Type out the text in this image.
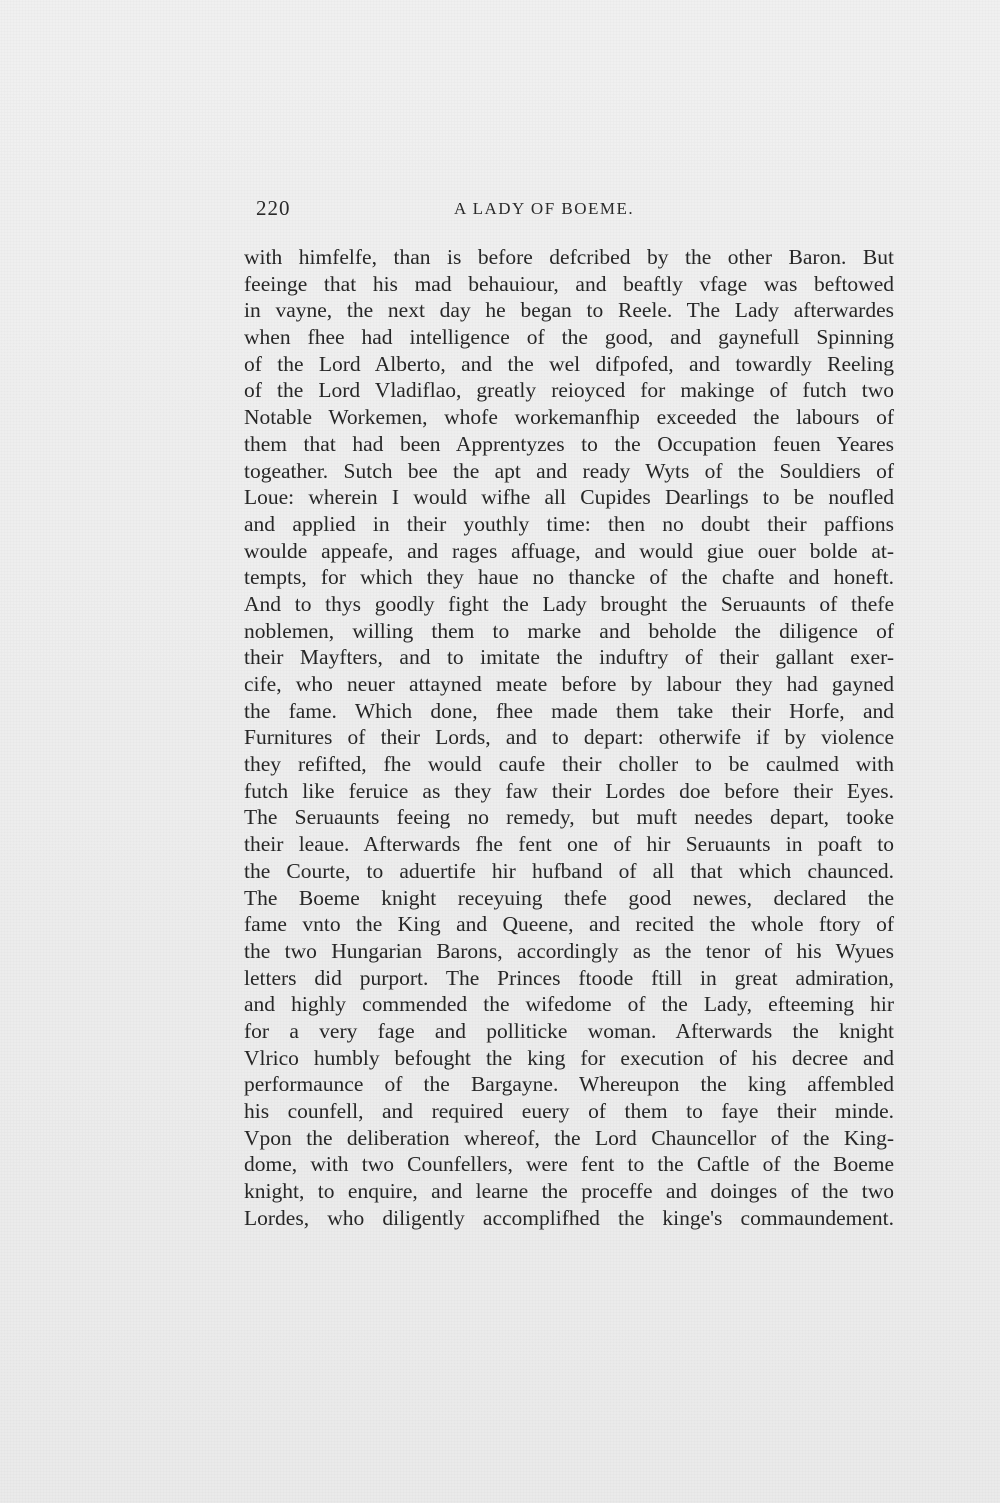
220	A LADY OF BOEME.
with himfelfe, than is before defcribed by the other Baron. But
feeinge that his mad behauiour, and beaftly vfage was beftowed
in vayne, the next day he began to Reele. The Lady afterwardes
when fhee had intelligence of the good, and gaynefull Spinning
of the Lord Alberto, and the wel difpofed, and towardly Reeling
of the Lord Vladiflao, greatly reioyced for makinge of futch two
Notable Workemen, whofe workemanfhip exceeded the labours of
them that had been Apprentyzes to the Occupation feuen Yeares
togeather. Sutch bee the apt and ready Wyts of the Souldiers of
Loue: wherein I would wifhe all Cupides Dearlings to be noufled
and applied in their youthly time: then no doubt their paffions
woulde appeafe, and rages affuage, and would giue ouer bolde at-
tempts, for which they haue no thancke of the chafte and honeft.
And to thys goodly fight the Lady brought the Seruaunts of thefe
noblemen, willing them to marke and beholde the diligence of
their Mayfters, and to imitate the induftry of their gallant exer-
cife, who neuer attayned meate before by labour they had gayned
the fame. Which done, fhee made them take their Horfe, and
Furnitures of their Lords, and to depart: otherwife if by violence
they refifted, fhe would caufe their choller to be caulmed with
futch like feruice as they faw their Lordes doe before their Eyes.
The Seruaunts feeing no remedy, but muft needes depart, tooke
their leaue. Afterwards fhe fent one of hir Seruaunts in poaft to
the Courte, to aduertife hir hufband of all that which chaunced.
The Boeme knight receyuing thefe good newes, declared the
fame vnto the King and Queene, and recited the whole ftory of
the two Hungarian Barons, accordingly as the tenor of his Wyues
letters did purport. The Princes ftoode ftill in great admiration,
and highly commended the wifedome of the Lady, efteeming hir
for a very fage and polliticke woman. Afterwards the knight
Vlrico humbly befought the king for execution of his decree and
performaunce of the Bargayne. Whereupon the king affembled
his counfell, and required euery of them to faye their minde.
Vpon the deliberation whereof, the Lord Chauncellor of the King-
dome, with two Counfellers, were fent to the Caftle of the Boeme
knight, to enquire, and learne the proceffe and doinges of the two
Lordes, who diligently accomplifhed the kinge's commaundement.
